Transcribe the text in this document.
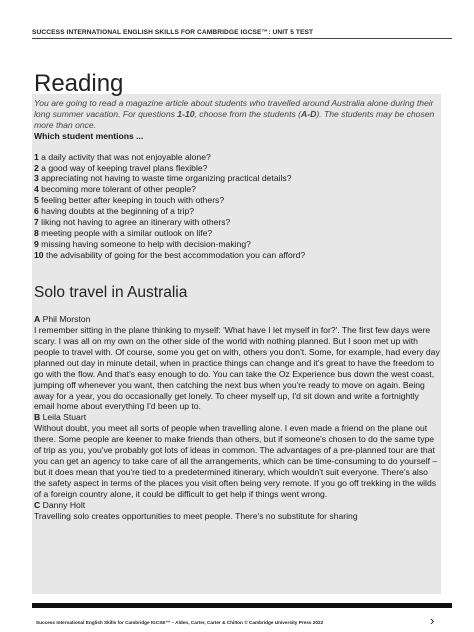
SUCCESS INTERNATIONAL ENGLISH SKILLS FOR CAMBRIDGE IGCSE™: UNIT 5 TEST
Reading
You are going to read a magazine article about students who travelled around Australia alone during their long summer vacation. For questions 1-10, choose from the students (A-D). The students may be chosen more than once.
Which student mentions ...
1 a daily activity that was not enjoyable alone?
2 a good way of keeping travel plans flexible?
3 appreciating not having to waste time organizing practical details?
4 becoming more tolerant of other people?
5 feeling better after keeping in touch with others?
6 having doubts at the beginning of a trip?
7 liking not having to agree an itinerary with others?
8 meeting people with a similar outlook on life?
9 missing having someone to help with decision-making?
10 the advisability of going for the best accommodation you can afford?
Solo travel in Australia
A Phil Morston
I remember sitting in the plane thinking to myself: 'What have I let myself in for?'. The first few days were scary. I was all on my own on the other side of the world with nothing planned. But I soon met up with people to travel with. Of course, some you get on with, others you don't. Some, for example, had every day planned out day in minute detail, when in practice things can change and it's great to have the freedom to go with the flow. And that's easy enough to do. You can take the Oz Experience bus down the west coast, jumping off whenever you want, then catching the next bus when you're ready to move on again. Being away for a year, you do occasionally get lonely. To cheer myself up, I'd sit down and write a fortnightly email home about everything I'd been up to.
B Leila Stuart
Without doubt, you meet all sorts of people when travelling alone. I even made a friend on the plane out there. Some people are keener to make friends than others, but if someone's chosen to do the same type of trip as you, you've probably got lots of ideas in common. The advantages of a pre-planned tour are that you can get an agency to take care of all the arrangements, which can be time-consuming to do yourself – but it does mean that you're tied to a predetermined itinerary, which wouldn't suit everyone. There's also the safety aspect in terms of the places you visit often being very remote. If you go off trekking in the wilds of a foreign country alone, it could be difficult to get help if things went wrong.
C Danny Holt
Travelling solo creates opportunities to meet people. There's no substitute for sharing
Success International English Skills for Cambridge IGCSE™ – Alden, Carter, Carter & Chilton © Cambridge University Press 2022	›
